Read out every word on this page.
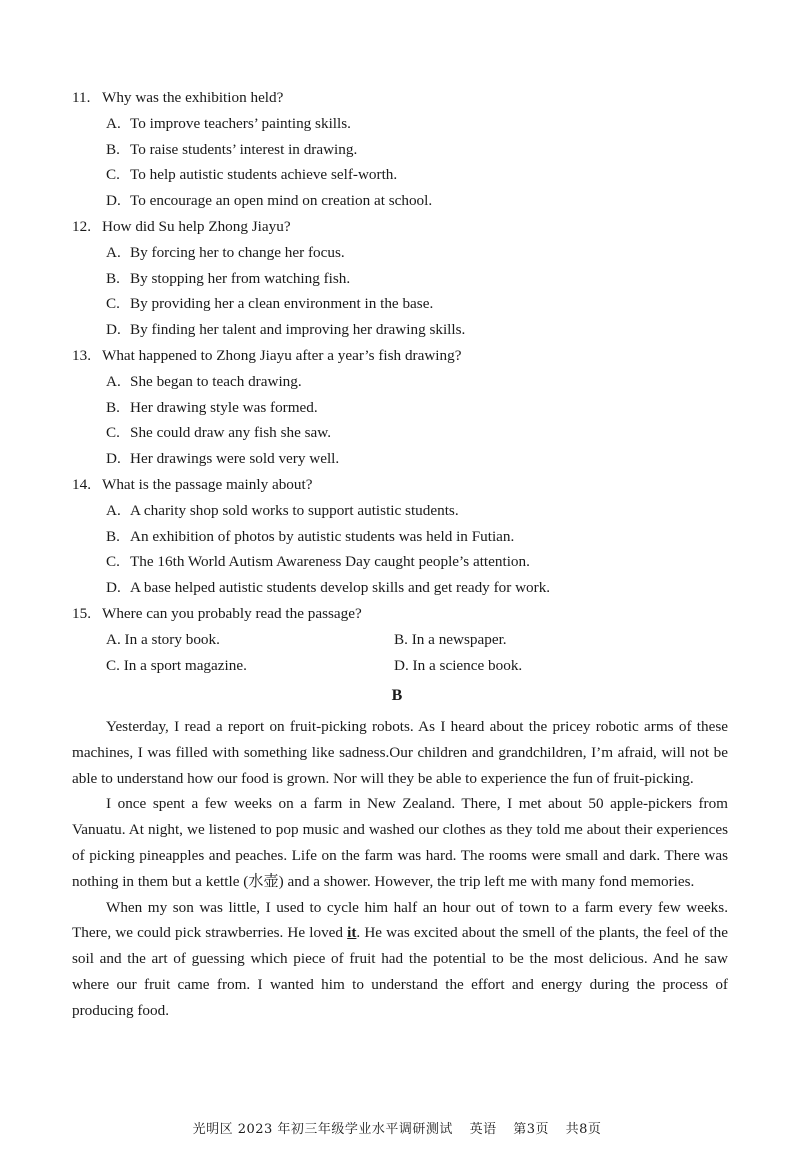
11. Why was the exhibition held?

A. To improve teachers’ painting skills.

B. To raise students’ interest in drawing.

C. To help autistic students achieve self-worth.

D. To encourage an open mind on creation at school.

12. How did Su help Zhong Jiayu?

A. By forcing her to change her focus.

B. By stopping her from watching fish.

C. By providing her a clean environment in the base.

D. By finding her talent and improving her drawing skills.

13. What happened to Zhong Jiayu after a year’s fish drawing?

A. She began to teach drawing.

B. Her drawing style was formed.

C. She could draw any fish she saw.

D. Her drawings were sold very well.

14. What is the passage mainly about?

A. A charity shop sold works to support autistic students.

B. An exhibition of photos by autistic students was held in Futian.

C. The 16th World Autism Awareness Day caught people’s attention.

D. A base helped autistic students develop skills and get ready for work.

15. Where can you probably read the passage?

A. In a story book.	B. In a newspaper.
C. In a sport magazine.	D. In a science book.
B

Yesterday, I read a report on fruit-picking robots. As I heard about the pricey robotic arms of these machines, I was filled with something like sadness.Our children and grandchildren, I’m afraid, will not be able to understand how our food is grown. Nor will they be able to experience the fun of fruit-picking.

I once spent a few weeks on a farm in New Zealand. There, I met about 50 apple-pickers from Vanuatu. At night, we listened to pop music and washed our clothes as they told me about their experiences of picking pineapples and peaches. Life on the farm was hard. The rooms were small and dark. There was nothing in them but a kettle (水壶) and a shower. However, the trip left me with many fond memories.

When my son was little, I used to cycle him half an hour out of town to a farm every few weeks. There, we could pick strawberries. He loved it. He was excited about the smell of the plants, the feel of the soil and the art of guessing which piece of fruit had the potential to be the most delicious. And he saw where our fruit came from. I wanted him to understand the effort and energy during the process of producing food.

光明区 2023 年初三年级学业水平调研测试 英语 第3页 共8页
